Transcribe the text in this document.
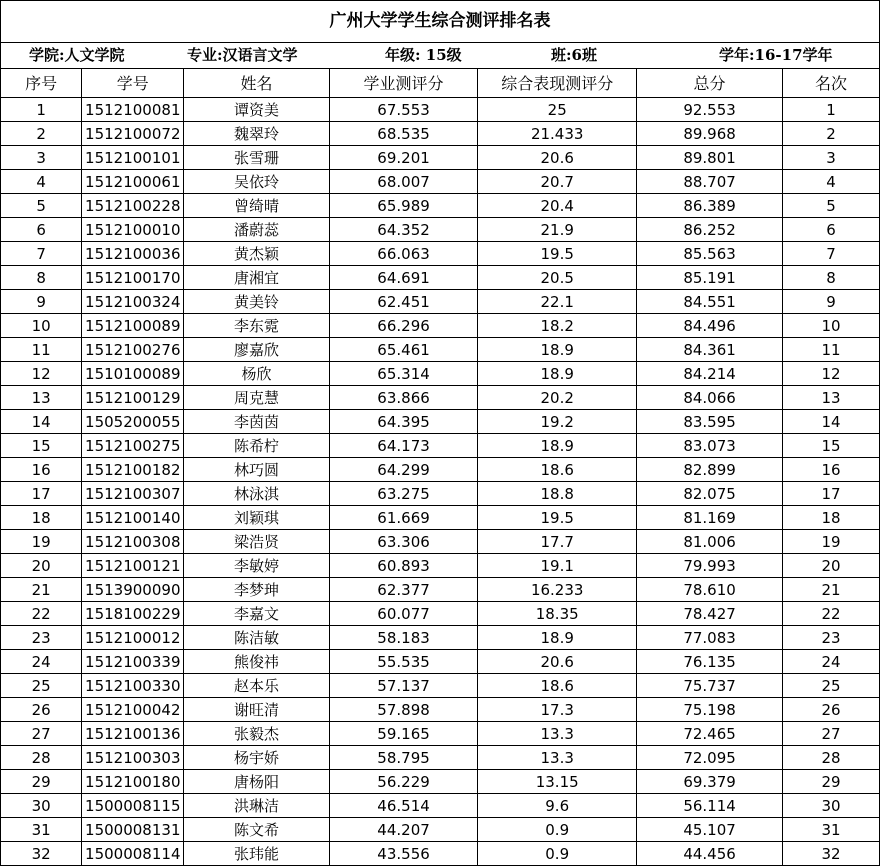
广州大学学生综合测评排名表
学院:人文学院	专业:汉语言文学	年级: 15级	班:6班	学年:16-17学年
序号	学号	姓名	学业测评分	综合表现测评分	总分	名次
1	1512100081	谭资美	67.553	25	92.553	1
2	1512100072	魏翠玲	68.535	21.433	89.968	2
3	1512100101	张雪珊	69.201	20.6	89.801	3
4	1512100061	吴依玲	68.007	20.7	88.707	4
5	1512100228	曾绮晴	65.989	20.4	86.389	5
6	1512100010	潘蔚蕊	64.352	21.9	86.252	6
7	1512100036	黄杰颖	66.063	19.5	85.563	7
8	1512100170	唐湘宜	64.691	20.5	85.191	8
9	1512100324	黄美铃	62.451	22.1	84.551	9
10	1512100089	李东霓	66.296	18.2	84.496	10
11	1512100276	廖嘉欣	65.461	18.9	84.361	11
12	1510100089	杨欣	65.314	18.9	84.214	12
13	1512100129	周克慧	63.866	20.2	84.066	13
14	1505200055	李茵茵	64.395	19.2	83.595	14
15	1512100275	陈希柠	64.173	18.9	83.073	15
16	1512100182	林巧圆	64.299	18.6	82.899	16
17	1512100307	林泳淇	63.275	18.8	82.075	17
18	1512100140	刘颖琪	61.669	19.5	81.169	18
19	1512100308	梁浩贤	63.306	17.7	81.006	19
20	1512100121	李敏婷	60.893	19.1	79.993	20
21	1513900090	李梦珅	62.377	16.233	78.610	21
22	1518100229	李嘉文	60.077	18.35	78.427	22
23	1512100012	陈洁敏	58.183	18.9	77.083	23
24	1512100339	熊俊祎	55.535	20.6	76.135	24
25	1512100330	赵本乐	57.137	18.6	75.737	25
26	1512100042	谢旺清	57.898	17.3	75.198	26
27	1512100136	张毅杰	59.165	13.3	72.465	27
28	1512100303	杨宇娇	58.795	13.3	72.095	28
29	1512100180	唐杨阳	56.229	13.15	69.379	29
30	1500008115	洪琳洁	46.514	9.6	56.114	30
31	1500008131	陈文希	44.207	0.9	45.107	31
32	1500008114	张玮能	43.556	0.9	44.456	32
